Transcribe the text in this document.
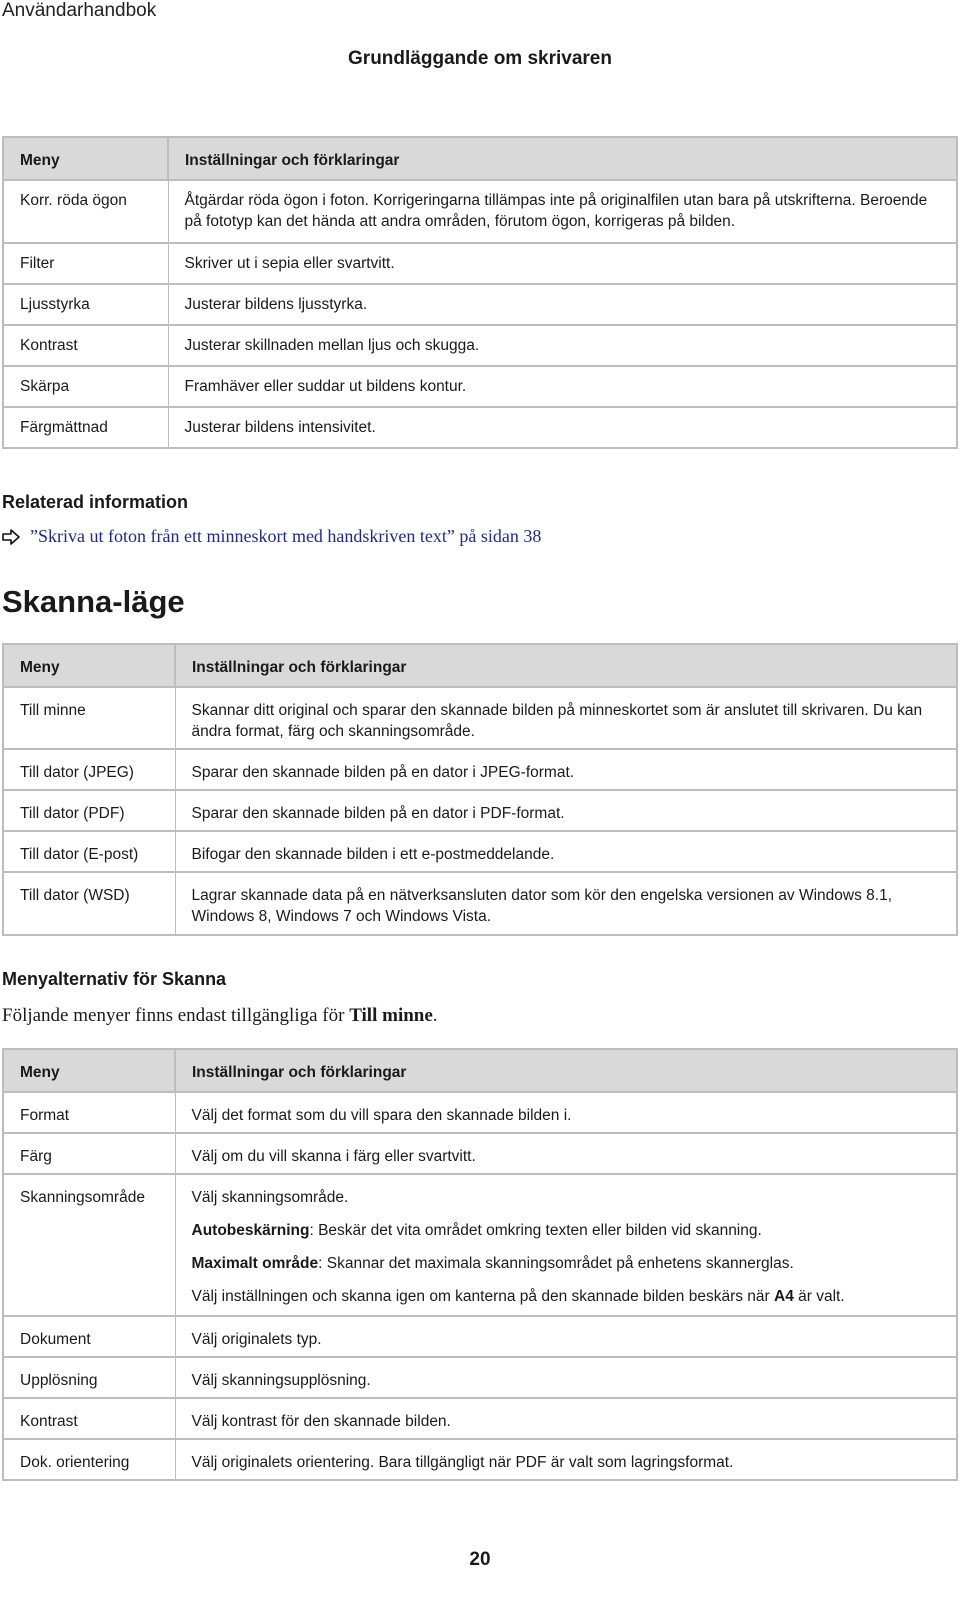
Användarhandbok
Grundläggande om skrivaren
Meny	Inställningar och förklaringar
Korr. röda ögon	Åtgärdar röda ögon i foton. Korrigeringarna tillämpas inte på originalfilen utan bara på utskrifterna. Beroende på fototyp kan det hända att andra områden, förutom ögon, korrigeras på bilden.

Filter	Skriver ut i sepia eller svartvitt.

Ljusstyrka	Justerar bildens ljusstyrka.

Kontrast	Justerar skillnaden mellan ljus och skugga.

Skärpa	Framhäver eller suddar ut bildens kontur.

Färgmättnad	Justerar bildens intensivitet.
Relaterad information
”Skriva ut foton från ett minneskort med handskriven text” på sidan 38
Skanna-läge
Meny	Inställningar och förklaringar
Till minne	Skannar ditt original och sparar den skannade bilden på minneskortet som är anslutet till skrivaren. Du kan ändra format, färg och skanningsområde.

Till dator (JPEG)	Sparar den skannade bilden på en dator i JPEG-format.

Till dator (PDF)	Sparar den skannade bilden på en dator i PDF-format.

Till dator (E-post)	Bifogar den skannade bilden i ett e-postmeddelande.

Till dator (WSD)	Lagrar skannade data på en nätverksansluten dator som kör den engelska versionen av Windows 8.1, Windows 8, Windows 7 och Windows Vista.
Menyalternativ för Skanna
Följande menyer finns endast tillgängliga för Till minne.
Meny	Inställningar och förklaringar
Format	Välj det format som du vill spara den skannade bilden i.

Färg	Välj om du vill skanna i färg eller svartvitt.

Skanningsområde	Välj skanningsområde.
Autobeskärning: Beskär det vita området omkring texten eller bilden vid skanning.
Maximalt område: Skannar det maximala skanningsområdet på enhetens skannerglas.
Välj inställningen och skanna igen om kanterna på den skannade bilden beskärs när A4 är valt.

Dokument	Välj originalets typ.

Upplösning	Välj skanningsupplösning.

Kontrast	Välj kontrast för den skannade bilden.

Dok. orientering	Välj originalets orientering. Bara tillgängligt när PDF är valt som lagringsformat.
20
